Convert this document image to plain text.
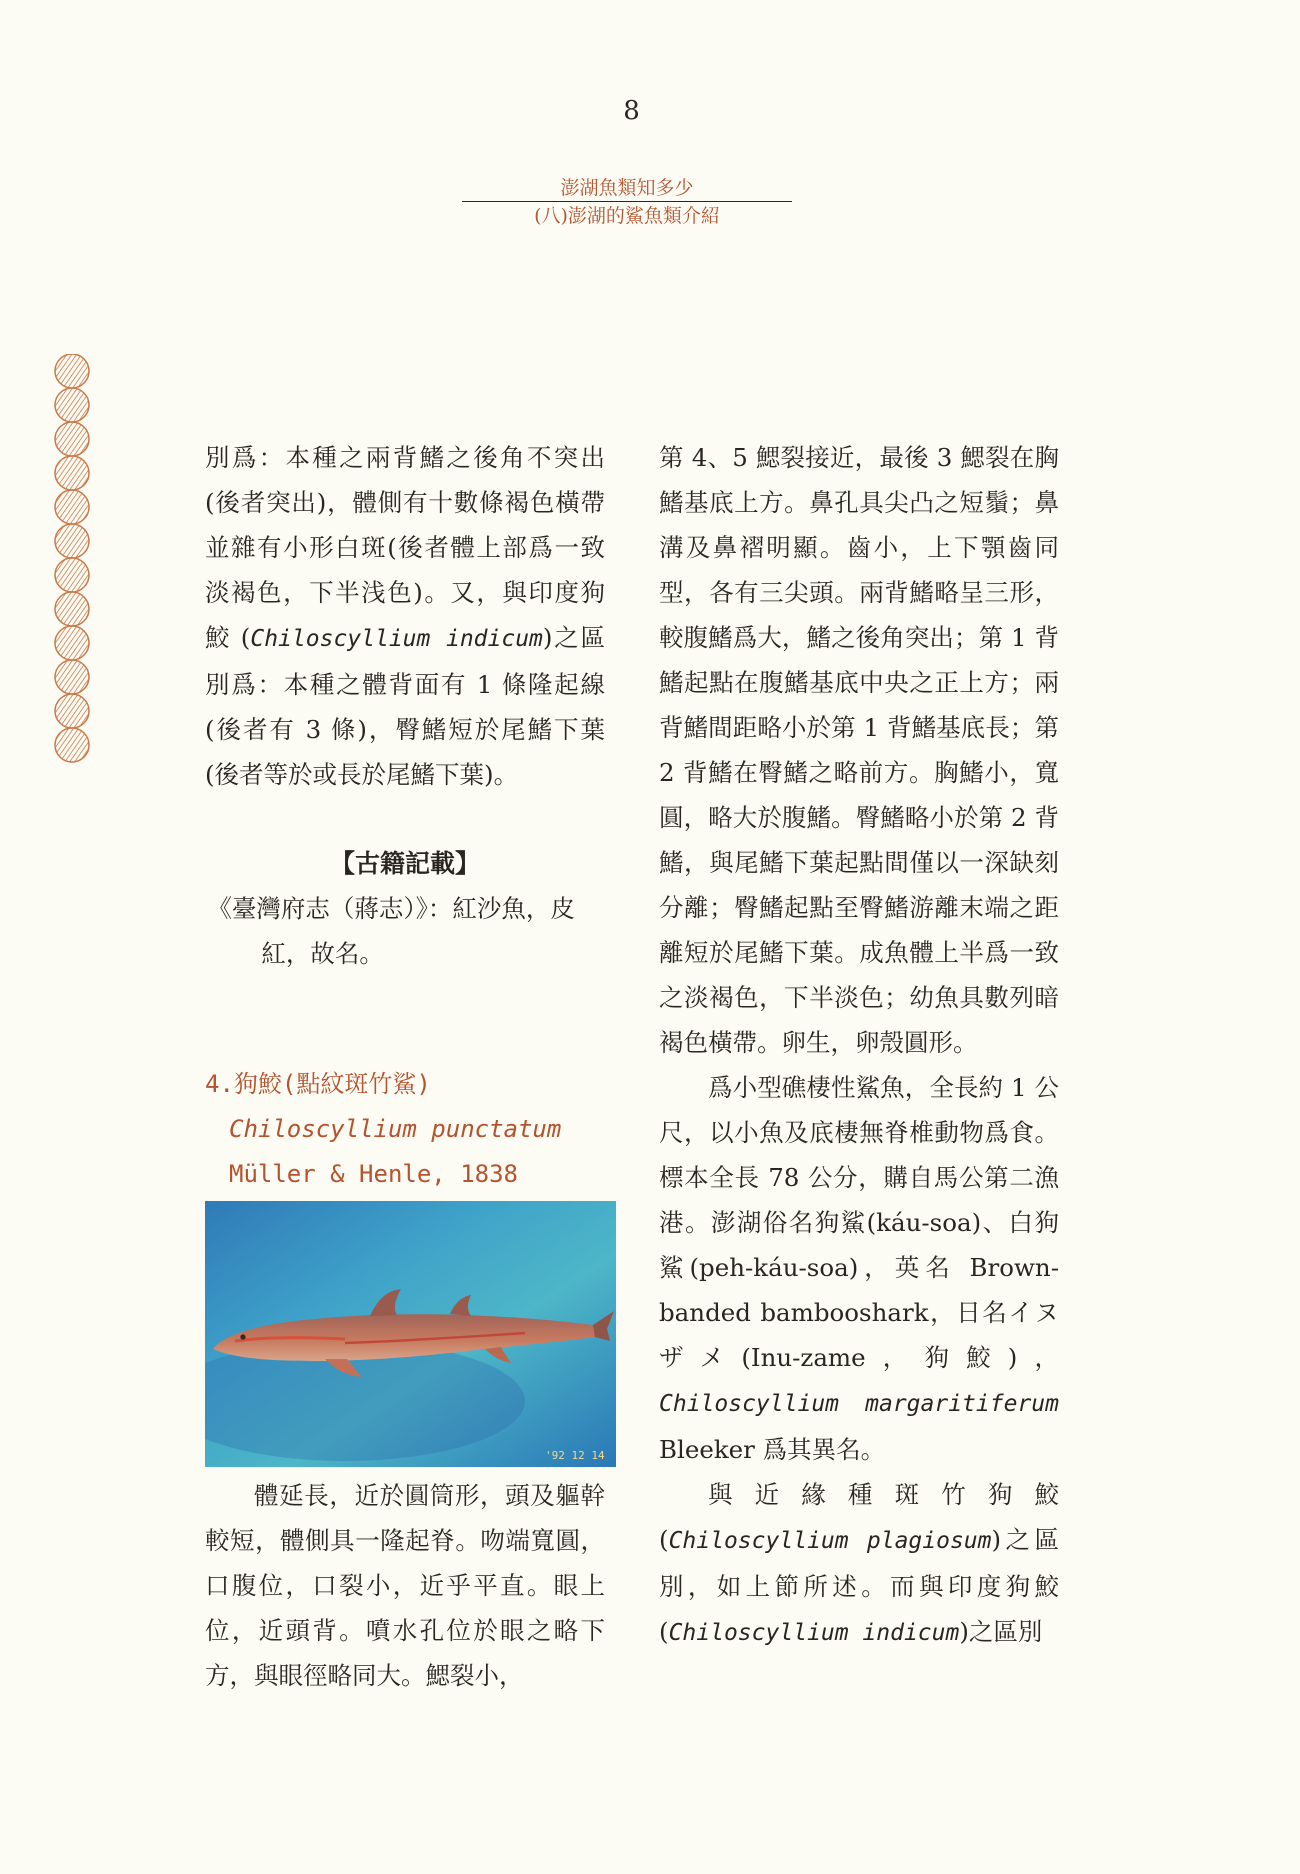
8
澎湖魚類知多少
(八)澎湖的鯊魚類介紹

別爲：本種之兩背鰭之後角不突出(後者突出)，體側有十數條褐色橫帶並雜有小形白斑(後者體上部爲一致淡褐色，下半浅色)。又，與印度狗鮫 (Chiloscyllium indicum)之區別爲：本種之體背面有 1 條隆起線(後者有 3 條)，臀鰭短於尾鰭下葉(後者等於或長於尾鰭下葉)。

【古籍記載】

《臺灣府志（蔣志）》：紅沙魚，皮
紅，故名。

4.狗鮫(點紋斑竹鯊)
Chiloscyllium punctatum
Müller & Henle, 1838
'92 12 14

體延長，近於圓筒形，頭及軀幹較短，體側具一隆起脊。吻端寬圓，口腹位，口裂小，近乎平直。眼上位，近頭背。噴水孔位於眼之略下方，與眼徑略同大。鰓裂小，

第 4、5 鰓裂接近，最後 3 鰓裂在胸鰭基底上方。鼻孔具尖凸之短鬚；鼻溝及鼻褶明顯。齒小，上下顎齒同型，各有三尖頭。兩背鰭略呈三形，較腹鰭爲大，鰭之後角突出；第 1 背鰭起點在腹鰭基底中央之正上方；兩背鰭間距略小於第 1 背鰭基底長；第 2 背鰭在臀鰭之略前方。胸鰭小，寬圓，略大於腹鰭。臀鰭略小於第 2 背鰭，與尾鰭下葉起點間僅以一深缺刻分離；臀鰭起點至臀鰭游離末端之距離短於尾鰭下葉。成魚體上半爲一致之淡褐色，下半淡色；幼魚具數列暗褐色橫帶。卵生，卵殼圓形。

爲小型礁棲性鯊魚，全長約 1 公尺，以小魚及底棲無脊椎動物爲食。標本全長 78 公分，購自馬公第二漁港。澎湖俗名狗鯊(káu-soa)、白狗鯊(peh-káu-soa)，英名 Brown-banded bambooshark，日名イヌザメ(Inu-zame，狗鮫)，Chiloscyllium margaritiferum Bleeker 爲其異名。

與近緣種斑竹狗鮫(Chiloscyllium plagiosum)之區別，如上節所述。而與印度狗鮫(Chiloscyllium indicum)之區別
